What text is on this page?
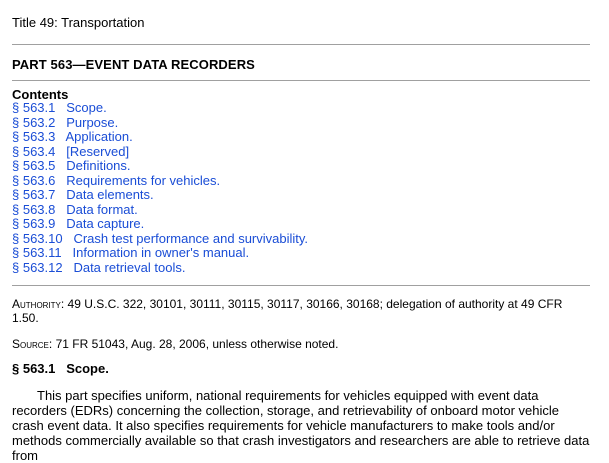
Title 49: Transportation
PART 563—EVENT DATA RECORDERS
Contents
§ 563.1 Scope.
§ 563.2 Purpose.
§ 563.3 Application.
§ 563.4 [Reserved]
§ 563.5 Definitions.
§ 563.6 Requirements for vehicles.
§ 563.7 Data elements.
§ 563.8 Data format.
§ 563.9 Data capture.
§ 563.10 Crash test performance and survivability.
§ 563.11 Information in owner's manual.
§ 563.12 Data retrieval tools.
Authority: 49 U.S.C. 322, 30101, 30111, 30115, 30117, 30166, 30168; delegation of authority at 49 CFR 1.50.
Source: 71 FR 51043, Aug. 28, 2006, unless otherwise noted.
§ 563.1   Scope.
This part specifies uniform, national requirements for vehicles equipped with event data recorders (EDRs) concerning the collection, storage, and retrievability of onboard motor vehicle crash event data. It also specifies requirements for vehicle manufacturers to make tools and/or methods commercially available so that crash investigators and researchers are able to retrieve data from
